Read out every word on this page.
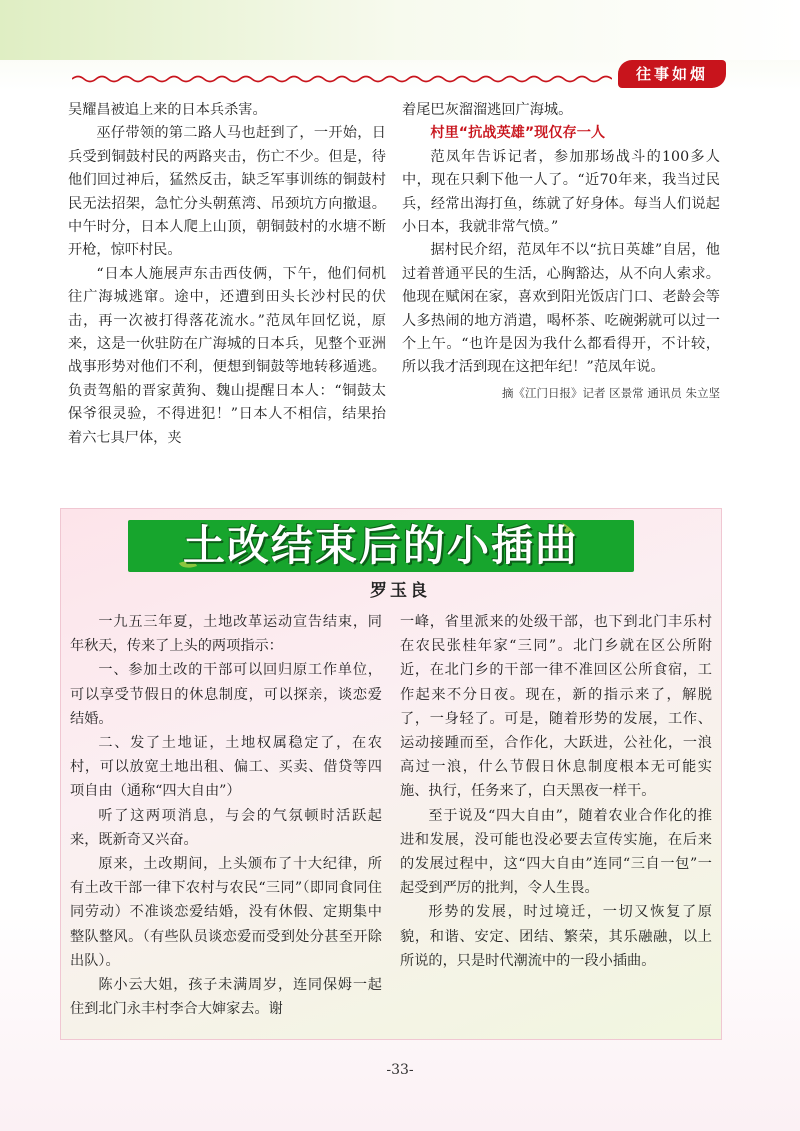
往事如烟

吴耀昌被追上来的日本兵杀害。

巫仔带领的第二路人马也赶到了，一开始，日兵受到铜鼓村民的两路夹击，伤亡不少。但是，待他们回过神后，猛然反击，缺乏军事训练的铜鼓村民无法招架，急忙分头朝蕉湾、吊颈坑方向撤退。中午时分，日本人爬上山顶，朝铜鼓村的水塘不断开枪，惊吓村民。

“日本人施展声东击西伎俩，下午，他们伺机往广海城逃窜。途中，还遭到田头长沙村民的伏击，再一次被打得落花流水。”范凤年回忆说，原来，这是一伙驻防在广海城的日本兵，见整个亚洲战事形势对他们不利，便想到铜鼓等地转移遁逃。负责驾船的晋家黄狗、魏山提醒日本人：“铜鼓太保爷很灵验，不得进犯！”日本人不相信，结果抬着六七具尸体，夹

着尾巴灰溜溜逃回广海城。

村里“抗战英雄”现仅存一人

范凤年告诉记者，参加那场战斗的100多人中，现在只剩下他一人了。“近70年来，我当过民兵，经常出海打鱼，练就了好身体。每当人们说起小日本，我就非常气愤。”

据村民介绍，范凤年不以“抗日英雄”自居，他过着普通平民的生活，心胸豁达，从不向人索求。他现在赋闲在家，喜欢到阳光饭店门口、老龄会等人多热闹的地方消遣，喝杯茶、吃碗粥就可以过一个上午。“也许是因为我什么都看得开，不计较，所以我才活到现在这把年纪！”范凤年说。

摘《江门日报》记者 区景常 通讯员 朱立坚

土改结束后的小插曲
罗玉良

一九五三年夏，土地改革运动宣告结束，同年秋天，传来了上头的两项指示：

一、参加土改的干部可以回归原工作单位，可以享受节假日的休息制度，可以探亲，谈恋爱结婚。

二、发了土地证，土地权属稳定了，在农村，可以放宽土地出租、偏工、买卖、借贷等四项自由（通称“四大自由”）

听了这两项消息，与会的气氛顿时活跃起来，既新奇又兴奋。

原来，土改期间，上头颁布了十大纪律，所有土改干部一律下农村与农民“三同”（即同食同住同劳动）不准谈恋爱结婚，没有休假、定期集中整队整风。（有些队员谈恋爱而受到处分甚至开除出队）。

陈小云大姐，孩子未满周岁，连同保姆一起住到北门永丰村李合大婶家去。谢

一峰，省里派来的处级干部，也下到北门丰乐村在农民张桂年家“三同”。北门乡就在区公所附近，在北门乡的干部一律不准回区公所食宿，工作起来不分日夜。现在，新的指示来了，解脱了，一身轻了。可是，随着形势的发展，工作、运动接踵而至，合作化，大跃进，公社化，一浪高过一浪，什么节假日休息制度根本无可能实施、执行，任务来了，白天黑夜一样干。

至于说及“四大自由”，随着农业合作化的推进和发展，没可能也没必要去宣传实施，在后来的发展过程中，这“四大自由”连同“三自一包”一起受到严厉的批判，令人生畏。

形势的发展，时过境迁，一切又恢复了原貌，和谐、安定、团结、繁荣，其乐融融，以上所说的，只是时代潮流中的一段小插曲。

-33-
